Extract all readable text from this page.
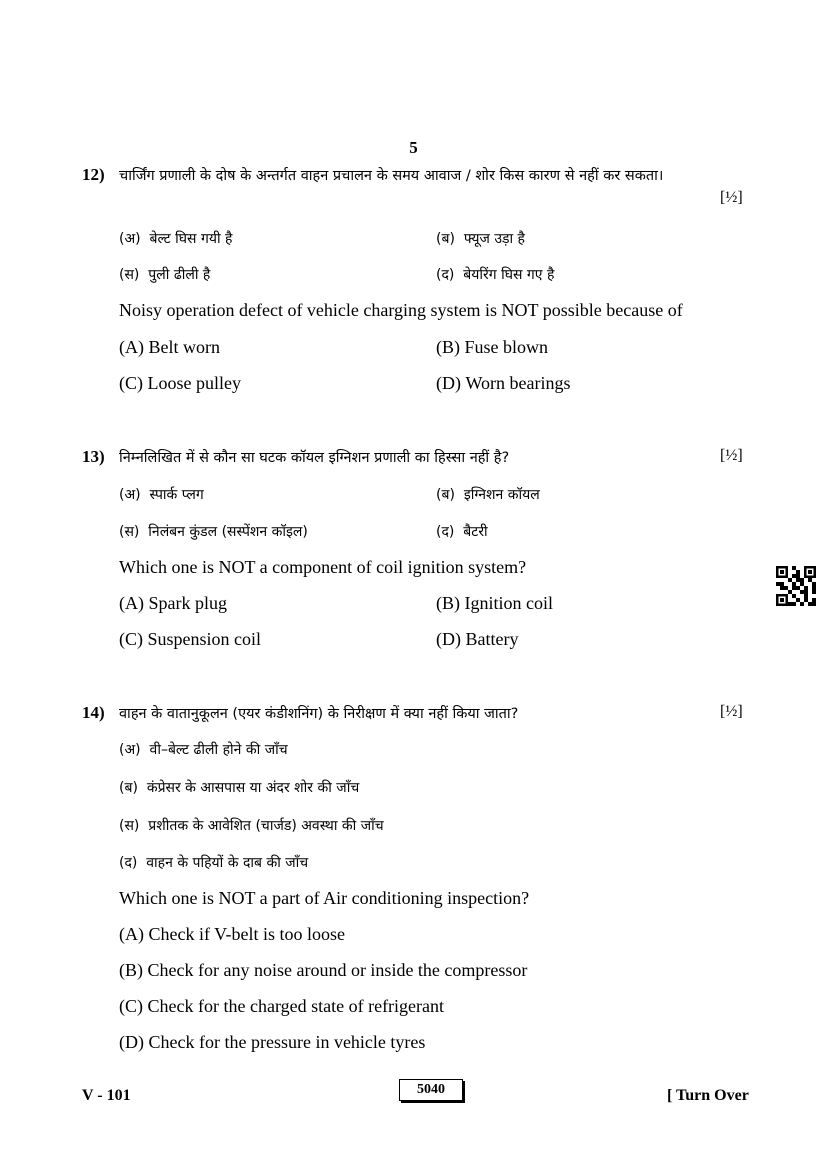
5
12) चार्जिंग प्रणाली के दोष के अन्तर्गत वाहन प्रचालन के समय आवाज / शोर किस कारण से नहीं कर सकता।
[½]
(अ) बेल्ट घिस गयी है	(ब) फ्यूज उड़ा है
(स) पुली ढीली है	(द) बेयरिंग घिस गए है
Noisy operation defect of vehicle charging system is NOT possible because of
(A) Belt worn	(B) Fuse blown
(C) Loose pulley	(D) Worn bearings
13) निम्नलिखित में से कौन सा घटक कॉयल इग्निशन प्रणाली का हिस्सा नहीं है?	[½]
(अ) स्पार्क प्लग	(ब) इग्निशन कॉयल
(स) निलंबन कुंडल (सस्पेंशन कॉइल)	(द) बैटरी
Which one is NOT a component of coil ignition system?
(A) Spark plug	(B) Ignition coil
(C) Suspension coil	(D) Battery
14) वाहन के वातानुकूलन (एयर कंडीशनिंग) के निरीक्षण में क्या नहीं किया जाता?	[½]
(अ) वी–बेल्ट ढीली होने की जाँच
(ब) कंप्रेसर के आसपास या अंदर शोर की जाँच
(स) प्रशीतक के आवेशित (चार्जड) अवस्था की जाँच
(द) वाहन के पहियों के दाब की जाँच
Which one is NOT a part of Air conditioning inspection?
(A) Check if V-belt is too loose
(B) Check for any noise around or inside the compressor
(C) Check for the charged state of refrigerant
(D) Check for the pressure in vehicle tyres
V - 101	5040	[ Turn Over
